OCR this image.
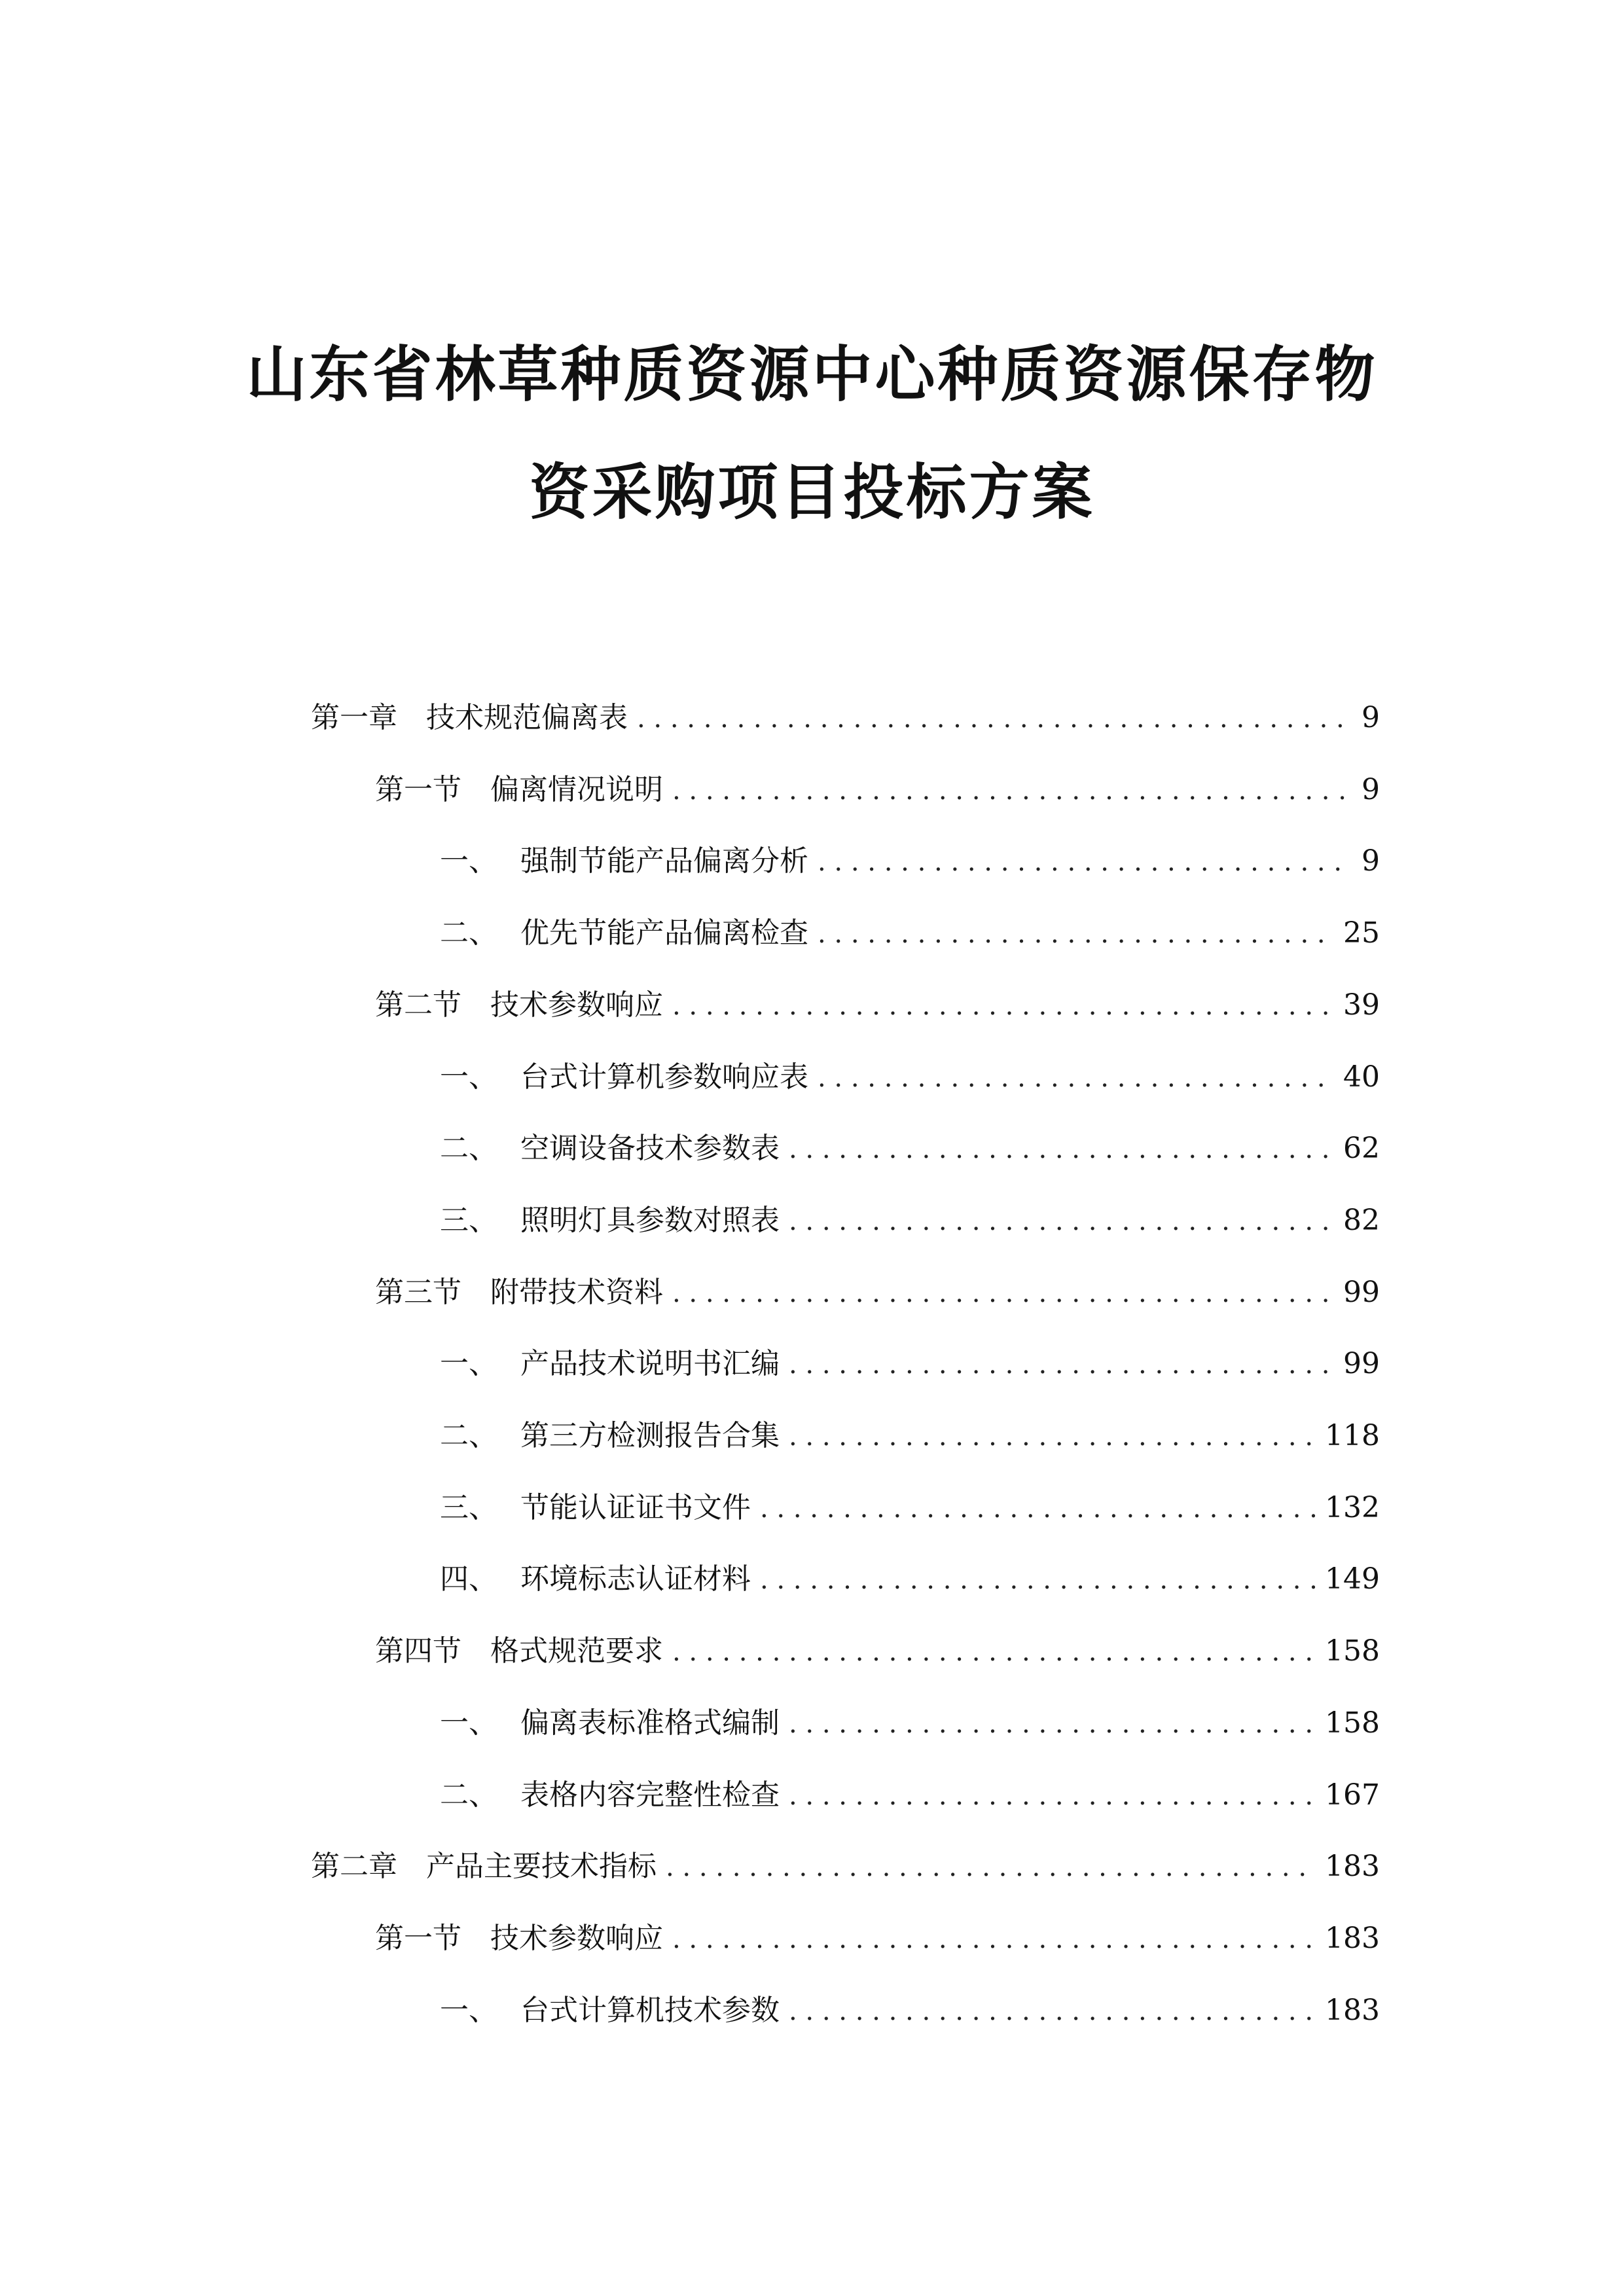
山东省林草种质资源中心种质资源保存物
资采购项目投标方案
第一章	技术规范偏离表 . . .	9
第一节	偏离情况说明 . . .	9
一、 强制节能产品偏离分析 . . .	9
二、 优先节能产品偏离检查 . . .	25
第二节	技术参数响应 . . .	39
一、 台式计算机参数响应表 . . .	40
二、 空调设备技术参数表 . . .	62
三、 照明灯具参数对照表 . . .	82
第三节	附带技术资料 . . .	99
一、 产品技术说明书汇编 . . .	99
二、 第三方检测报告合集 . . .	118
三、 节能认证证书文件 . . .	132
四、 环境标志认证材料 . . .	149
第四节	格式规范要求 . . .	158
一、 偏离表标准格式编制 . . .	158
二、 表格内容完整性检查 . . .	167
第二章	产品主要技术指标 . . .	183
第一节	技术参数响应 . . .	183
一、 台式计算机技术参数 . . .	183
